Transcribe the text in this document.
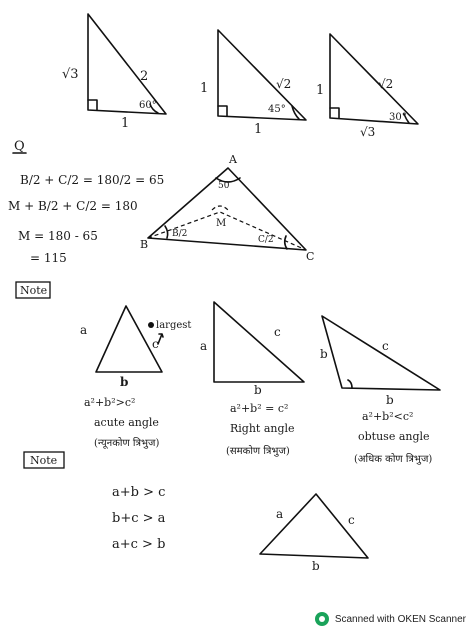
√3	2
1
60°
1	√2
1
45°
1	√2
√3
30°
Q
B/2 + C/2 = 180/2 = 65
M + B/2 + C/2 = 180
M = 180 - 65
= 115
A
B
C
50
M
B/2
C/2
Note
a
b
c
largest
a²+b²>c²
acute angle
(न्यूनकोण त्रिभुज)
a
b
c
a²+b² = c²
Right angle
(समकोण त्रिभुज)
b
b
c
a²+b²<c²
obtuse angle
(अधिक कोण त्रिभुज)
Note
a+b > c
b+c > a
a+c > b
a
b
c
Scanned with OKEN Scanner
